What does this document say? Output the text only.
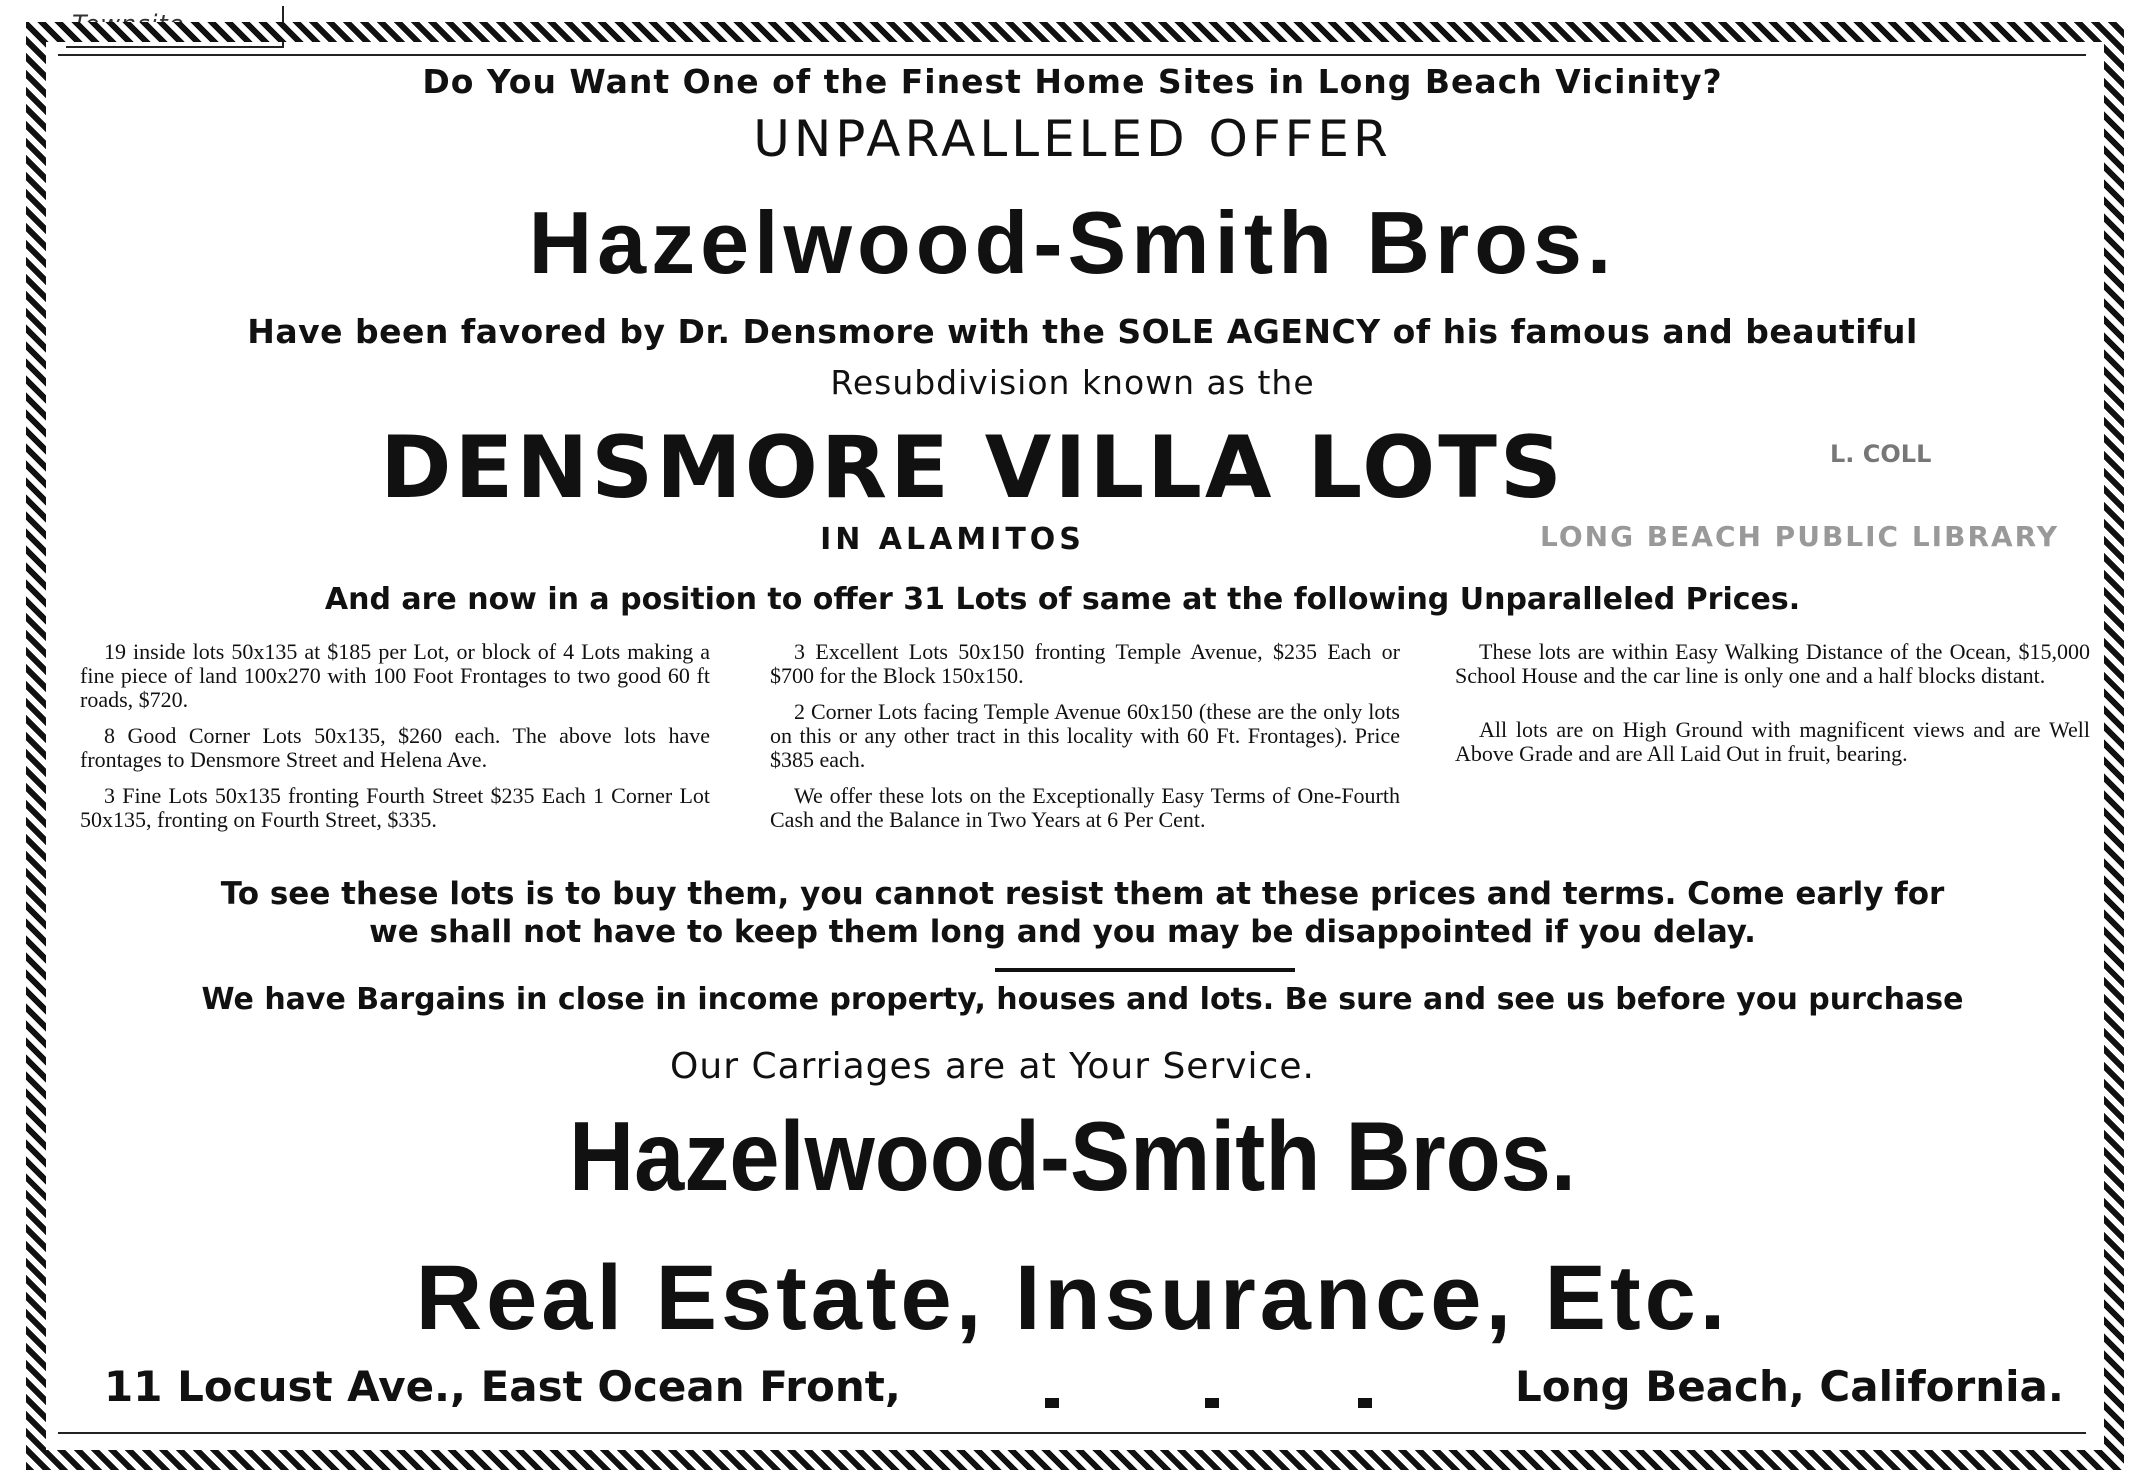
Townsite
Do You Want One of the Finest Home Sites in Long Beach Vicinity?
UNPARALLELED OFFER
Hazelwood-Smith Bros.
Have been favored by Dr. Densmore with the SOLE AGENCY of his famous and beautiful
Resubdivision known as the
DENSMORE VILLA LOTS
IN ALAMITOS
L. COLL
LONG BEACH PUBLIC LIBRARY
And are now in a position to offer 31 Lots of same at the following Unparalleled Prices.

19 inside lots 50x135 at $185 per Lot, or block of 4 Lots making a fine piece of land 100x270 with 100 Foot Frontages to two good 60 ft roads, $720.

8 Good Corner Lots 50x135, $260 each. The above lots have frontages to Densmore Street and Helena Ave.

3 Fine Lots 50x135 fronting Fourth Street $235 Each 1 Corner Lot 50x135, fronting on Fourth Street, $335.

3 Excellent Lots 50x150 fronting Temple Avenue, $235 Each or $700 for the Block 150x150.

2 Corner Lots facing Temple Avenue 60x150 (these are the only lots on this or any other tract in this locality with 60 Ft. Frontages). Price $385 each.

We offer these lots on the Exceptionally Easy Terms of One-Fourth Cash and the Balance in Two Years at 6 Per Cent.

These lots are within Easy Walking Distance of the Ocean, $15,000 School House and the car line is only one and a half blocks distant.

All lots are on High Ground with magnificent views and are Well Above Grade and are All Laid Out in fruit, bearing.

To see these lots is to buy them, you cannot resist them at these prices and terms. Come early for
we shall not have to keep them long and you may be disappointed if you delay.
We have Bargains in close in income property, houses and lots. Be sure and see us before you purchase
Our Carriages are at Your Service.
Hazelwood-Smith Bros.
Real Estate, Insurance, Etc.
11 Locust Ave., East Ocean Front,	Long Beach, California.
